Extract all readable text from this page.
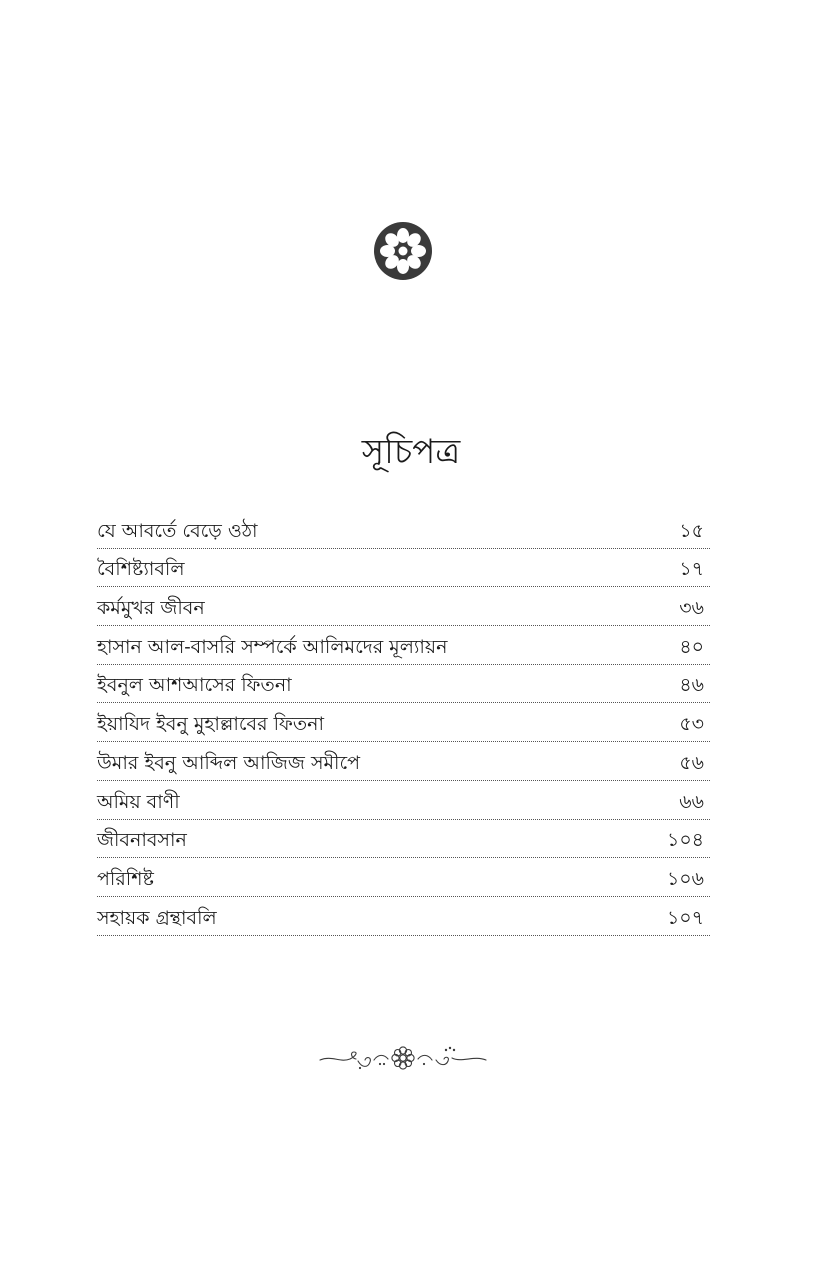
সূচিপত্র
যে আবর্তে বেড়ে ওঠা	১৫
বৈশিষ্ট্যাবলি	১৭
কর্মমুখর জীবন	৩৬
হাসান আল-বাসরি সম্পর্কে আলিমদের মূল্যায়ন	৪০
ইবনুল আশআসের ফিতনা	৪৬
ইয়াযিদ ইবনু মুহাল্লাবের ফিতনা	৫৩
উমার ইবনু আব্দিল আজিজ সমীপে	৫৬
অমিয় বাণী	৬৬
জীবনাবসান	১০৪
পরিশিষ্ট	১০৬
সহায়ক গ্রন্থাবলি	১০৭
